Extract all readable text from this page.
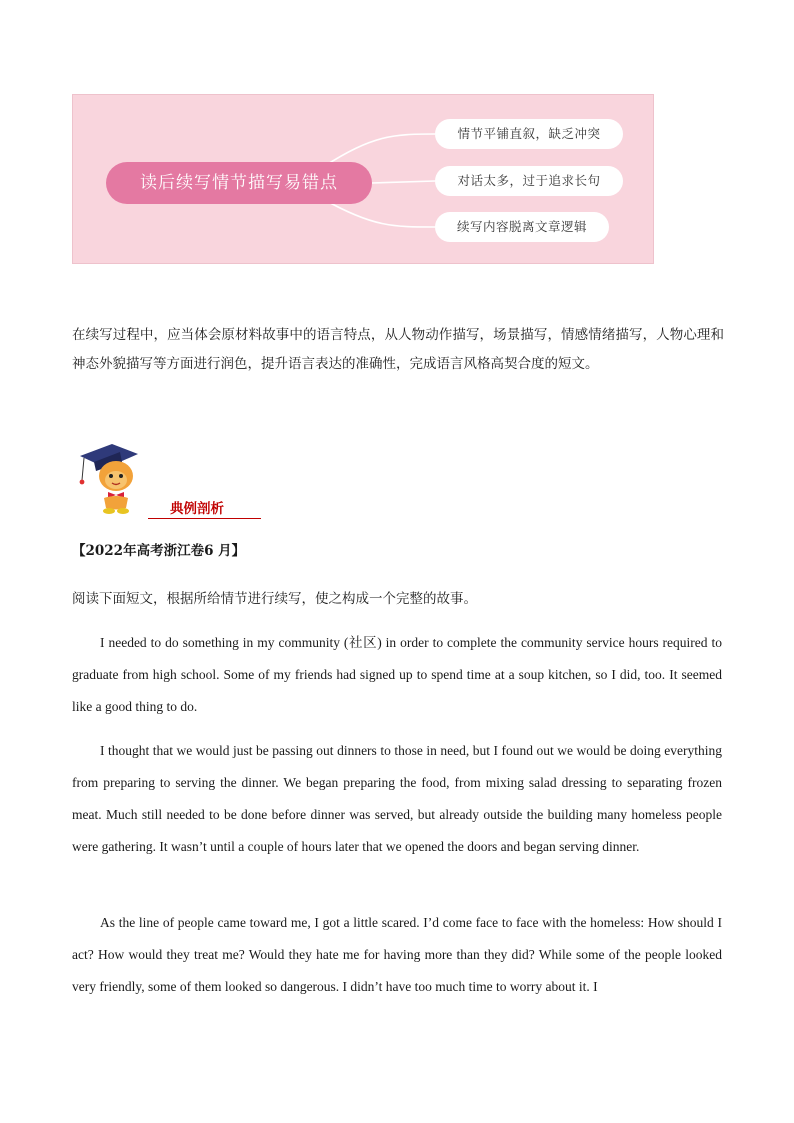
读后续写情节描写易错点
情节平铺直叙，缺乏冲突
对话太多，过于追求长句
续写内容脱离文章逻辑

在续写过程中，应当体会原材料故事中的语言特点，从人物动作描写，场景描写，情感情绪描写，人物心理和神态外貌描写等方面进行润色，提升语言表达的准确性，完成语言风格高契合度的短文。

典例剖析

【2022年高考浙江卷6 月】

阅读下面短文，根据所给情节进行续写，使之构成一个完整的故事。

I needed to do something in my community (社区) in order to complete the community service hours required to graduate from high school. Some of my friends had signed up to spend time at a soup kitchen, so I did, too. It seemed like a good thing to do.

I thought that we would just be passing out dinners to those in need, but I found out we would be doing everything from preparing to serving the dinner. We began preparing the food, from mixing salad dressing to separating frozen meat. Much still needed to be done before dinner was served, but already outside the building many homeless people were gathering. It wasn’t until a couple of hours later that we opened the doors and began serving dinner.

As the line of people came toward me, I got a little scared. I’d come face to face with the homeless: How should I act? How would they treat me? Would they hate me for having more than they did? While some of the people looked very friendly, some of them looked so dangerous. I didn’t have too much time to worry about it. I
